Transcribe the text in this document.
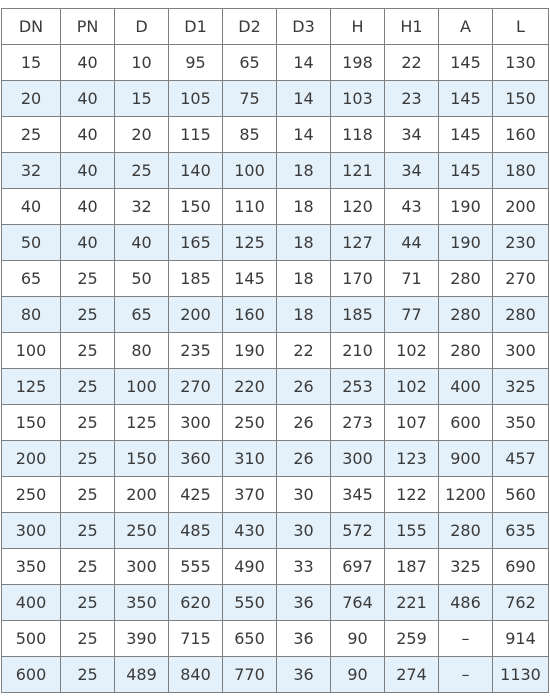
DN	PN	D	D1	D2	D3	H	H1	A	L
15	40	10	95	65	14	198	22	145	130
20	40	15	105	75	14	103	23	145	150
25	40	20	115	85	14	118	34	145	160
32	40	25	140	100	18	121	34	145	180
40	40	32	150	110	18	120	43	190	200
50	40	40	165	125	18	127	44	190	230
65	25	50	185	145	18	170	71	280	270
80	25	65	200	160	18	185	77	280	280
100	25	80	235	190	22	210	102	280	300
125	25	100	270	220	26	253	102	400	325
150	25	125	300	250	26	273	107	600	350
200	25	150	360	310	26	300	123	900	457
250	25	200	425	370	30	345	122	1200	560
300	25	250	485	430	30	572	155	280	635
350	25	300	555	490	33	697	187	325	690
400	25	350	620	550	36	764	221	486	762
500	25	390	715	650	36	90	259	–	914
600	25	489	840	770	36	90	274	–	1130
